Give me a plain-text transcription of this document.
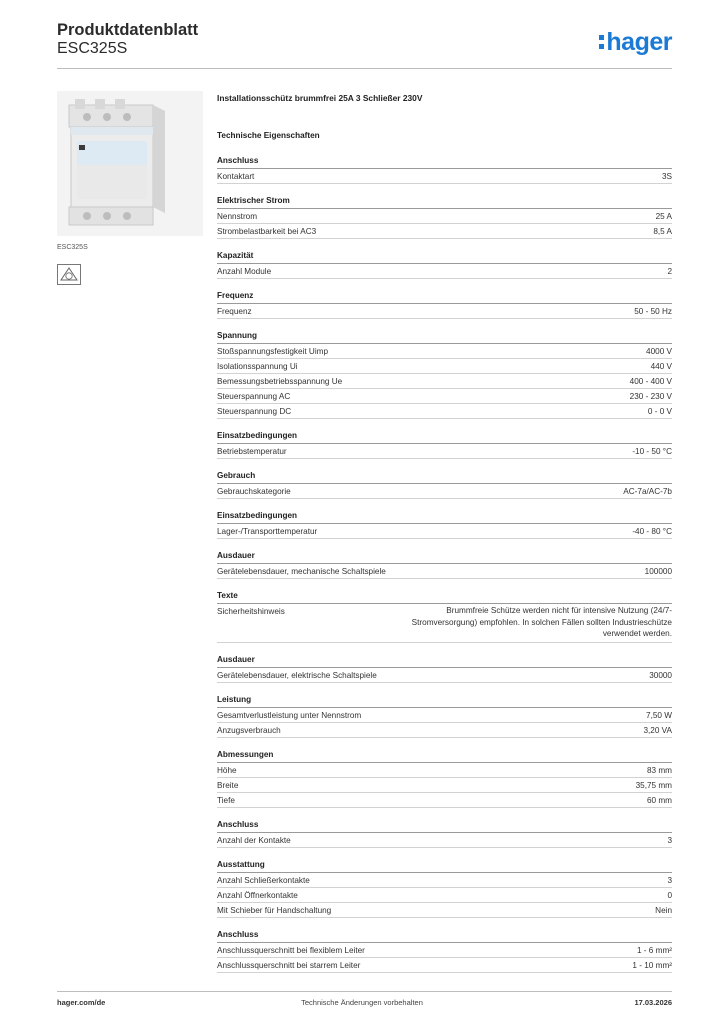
Produktdatenblatt
ESC325S	hager
ESC325S
Installationsschütz brummfrei 25A 3 Schließer 230V
Technische Eigenschaften
Anschluss
Kontaktart	3S
Elektrischer Strom
Nennstrom	25 A
Strombelastbarkeit bei AC3	8,5 A
Kapazität
Anzahl Module	2
Frequenz
Frequenz	50 - 50 Hz
Spannung
Stoßspannungsfestigkeit Uimp	4000 V
Isolationsspannung Ui	440 V
Bemessungsbetriebsspannung Ue	400 - 400 V
Steuerspannung AC	230 - 230 V
Steuerspannung DC	0 - 0 V
Einsatzbedingungen
Betriebstemperatur	-10 - 50 °C
Gebrauch
Gebrauchskategorie	AC-7a/AC-7b
Einsatzbedingungen
Lager-/Transporttemperatur	-40 - 80 °C
Ausdauer
Gerätelebensdauer, mechanische Schaltspiele	100000
Texte
Sicherheitshinweis	Brummfreie Schütze werden nicht für intensive Nutzung (24/7-Stromversorgung) empfohlen. In solchen Fällen sollten Industrieschütze verwendet werden.
Ausdauer
Gerätelebensdauer, elektrische Schaltspiele	30000
Leistung
Gesamtverlustleistung unter Nennstrom	7,50 W
Anzugsverbrauch	3,20 VA
Abmessungen
Höhe	83 mm
Breite	35,75 mm
Tiefe	60 mm
Anschluss
Anzahl der Kontakte	3
Ausstattung
Anzahl Schließerkontakte	3
Anzahl Öffnerkontakte	0
Mit Schieber für Handschaltung	Nein
Anschluss
Anschlussquerschnitt bei flexiblem Leiter	1 - 6 mm²
Anschlussquerschnitt bei starrem Leiter	1 - 10 mm²
hager.com/de	Technische Änderungen vorbehalten	17.03.2026
